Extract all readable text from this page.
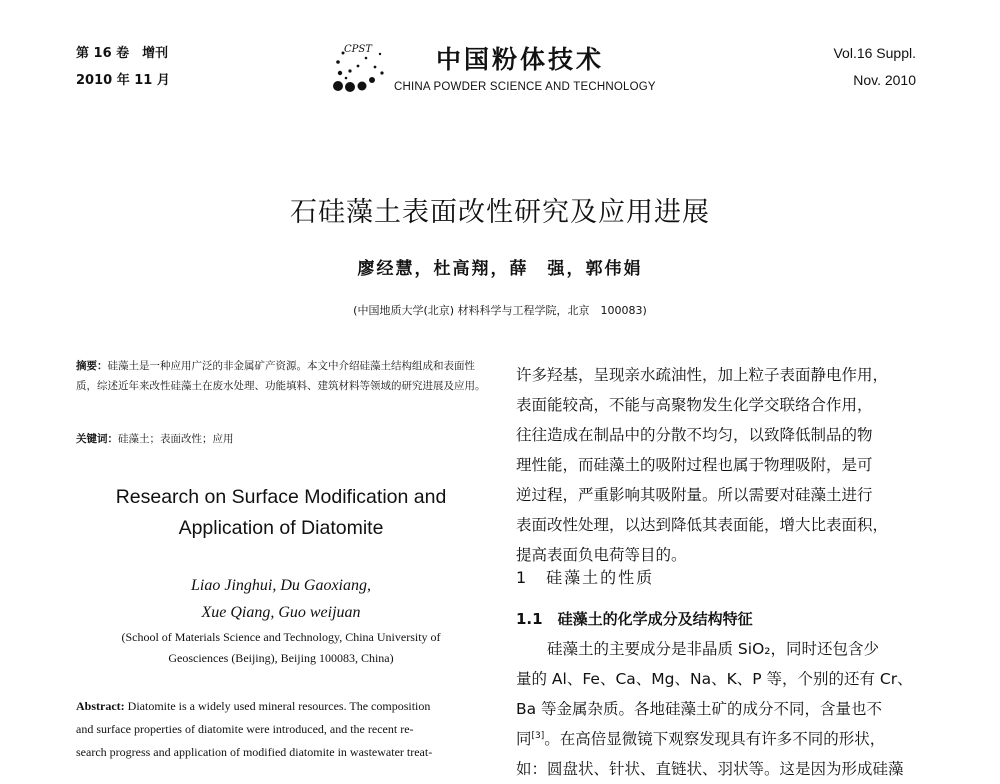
第 16 卷　增刊
2010 年 11 月
CPST	中国粉体技术
CHINA POWDER SCIENCE AND TECHNOLOGY
Vol.16 Suppl.
Nov. 2010
石硅藻土表面改性研究及应用进展
廖经慧，杜高翔，薛　强，郭伟娟
(中国地质大学(北京) 材料科学与工程学院，北京　100083)
摘要：硅藻土是一种应用广泛的非金属矿产资源。本文中介绍硅藻土结构组成和表面性质，综述近年来改性硅藻土在废水处理、功能填料、建筑材料等领域的研究进展及应用。
关键词：硅藻土；表面改性；应用
Research on Surface Modification and
Application of Diatomite
Liao Jinghui, Du Gaoxiang,
Xue Qiang, Guo weijuan
(School of Materials Science and Technology, China University of
Geosciences (Beijing), Beijing 100083, China)
Abstract: Diatomite is a widely used mineral resources. The composition
and surface properties of diatomite were introduced, and the recent re-
search progress and application of modified diatomite in wastewater treat-
许多羟基，呈现亲水疏油性，加上粒子表面静电作用，
表面能较高，不能与高聚物发生化学交联络合作用，
往往造成在制品中的分散不均匀，以致降低制品的物
理性能，而硅藻土的吸附过程也属于物理吸附，是可
逆过程，严重影响其吸附量。所以需要对硅藻土进行
表面改性处理，以达到降低其表面能，增大比表面积，
提高表面负电荷等目的。
1　硅藻土的性质
1.1　硅藻土的化学成分及结构特征
　　硅藻土的主要成分是非晶质 SiO₂，同时还包含少
量的 Al、Fe、Ca、Mg、Na、K、P 等，个别的还有 Cr、
Ba 等金属杂质。各地硅藻土矿的成分不同，含量也不
同[3]。在高倍显微镜下观察发现具有许多不同的形状，
如：圆盘状、针状、直链状、羽状等。这是因为形成硅藻
